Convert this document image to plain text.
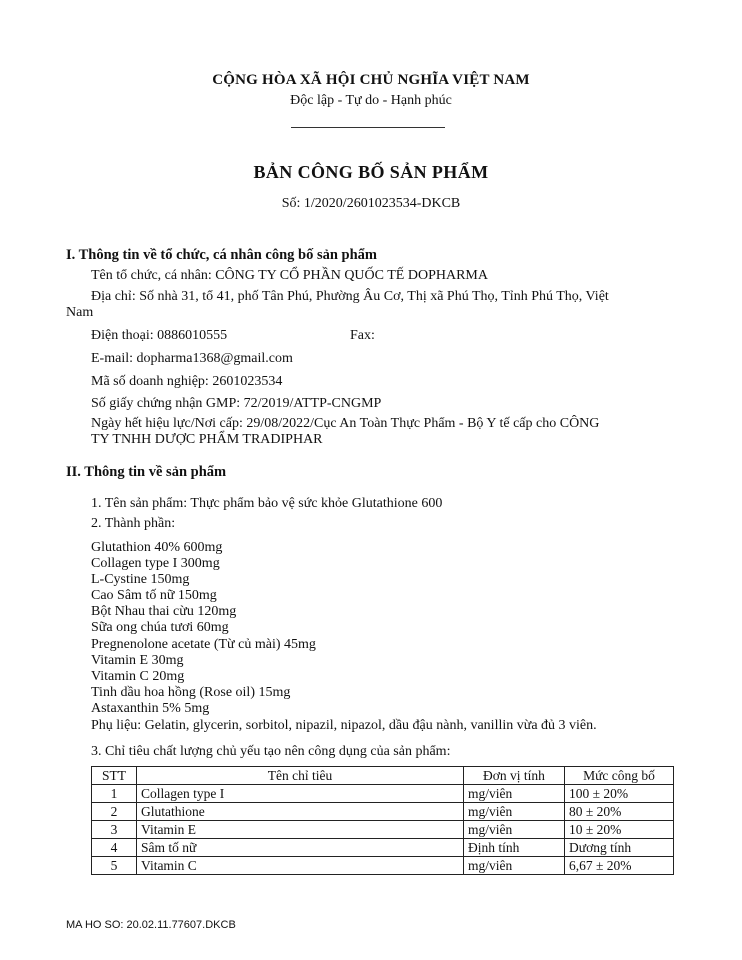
CỘNG HÒA XÃ HỘI CHỦ NGHĨA VIỆT NAM
Độc lập - Tự do - Hạnh phúc
BẢN CÔNG BỐ SẢN PHẨM
Số: 1/2020/2601023534-DKCB
I. Thông tin về tổ chức, cá nhân công bố sản phẩm
Tên tổ chức, cá nhân: CÔNG TY CỔ PHẦN QUỐC TẾ DOPHARMA
Địa chỉ: Số nhà 31, tổ 41, phố Tân Phú, Phường Âu Cơ, Thị xã Phú Thọ, Tỉnh Phú Thọ, Việt
Nam
Điện thoại: 0886010555	Fax:
E-mail: dopharma1368@gmail.com
Mã số doanh nghiệp: 2601023534
Số giấy chứng nhận GMP: 72/2019/ATTP-CNGMP
Ngày hết hiệu lực/Nơi cấp: 29/08/2022/Cục An Toàn Thực Phẩm - Bộ Y tế cấp cho CÔNG
TY TNHH DƯỢC PHẨM TRADIPHAR
II. Thông tin về sản phẩm
1. Tên sản phẩm: Thực phẩm bảo vệ sức khỏe Glutathione 600
2. Thành phần:
Glutathion 40% 600mg
Collagen type I 300mg
L-Cystine 150mg
Cao Sâm tố nữ 150mg
Bột Nhau thai cừu 120mg
Sữa ong chúa tươi 60mg
Pregnenolone acetate (Từ củ mài) 45mg
Vitamin E 30mg
Vitamin C 20mg
Tinh dầu hoa hồng (Rose oil) 15mg
Astaxanthin 5% 5mg
Phụ liệu: Gelatin, glycerin, sorbitol, nipazil, nipazol, dầu đậu nành, vanillin vừa đủ 3 viên.
3. Chỉ tiêu chất lượng chủ yếu tạo nên công dụng của sản phẩm:
STT	Tên chỉ tiêu	Đơn vị tính	Mức công bố
1	Collagen type I	mg/viên	100 ± 20%
2	Glutathione	mg/viên	80 ± 20%
3	Vitamin E	mg/viên	10 ± 20%
4	Sâm tố nữ	Định tính	Dương tính
5	Vitamin C	mg/viên	6,67 ± 20%
MA HO SO: 20.02.11.77607.DKCB
